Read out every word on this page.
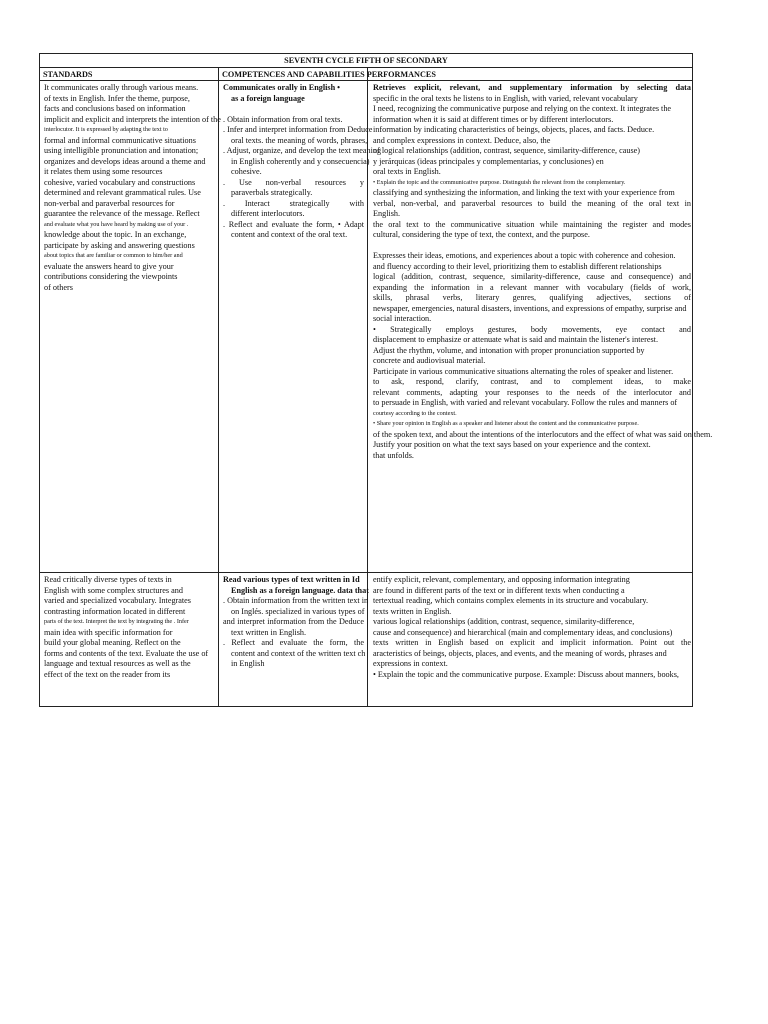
SEVENTH CYCLE FIFTH OF SECONDARY
STANDARDS	COMPETENCES AND CAPABILITIES PERFORMANCES
It communicates orally through various means.
of texts in English. Infer the theme, purpose,
facts and conclusions based on information
implicit and explicit and interprets the intention of the
interlocutor. It is expressed by adapting the text to
formal and informal communicative situations
using intelligible pronunciation and intonation;
organizes and develops ideas around a theme and
it relates them using some resources
cohesive, varied vocabulary and constructions
determined and relevant grammatical rules. Use
non-verbal and paraverbal resources for
guarantee the relevance of the message. Reflect
and evaluate what you have heard by making use of your .
knowledge about the topic. In an exchange,
participate by asking and answering questions
about topics that are familiar or common to him/her and
evaluate the answers heard to give your
contributions considering the viewpoints
of others
Communicates orally in English •
as a foreign language
. Obtain information from oral texts.
. Infer and interpret information from Deduce
oral texts. the meaning of words, phrases,
. Adjust, organize, and develop the text meaning
in English coherently and y consecuencia)
cohesive.
. Use non-verbal resources y
paraverbals strategically.
. Interact strategically with
different interlocutors.
. Reflect and evaluate the form, • Adapt
content and context of the oral text.
Retrieves explicit, relevant, and supplementary information by selecting data
specific in the oral texts he listens to in English, with varied, relevant vocabulary
I need, recognizing the communicative purpose and relying on the context. It integrates the
information when it is said at different times or by different interlocutors.
information by indicating characteristics of beings, objects, places, and facts. Deduce.
and complex expressions in context. Deduce, also, the
of logical relationships (addition, contrast, sequence, similarity-difference, cause)
y jerárquicas (ideas principales y complementarias, y conclusiones) en
oral texts in English.
• Explain the topic and the communicative purpose. Distinguish the relevant from the complementary.
classifying and synthesizing the information, and linking the text with your experience from
verbal, non-verbal, and paraverbal resources to build the meaning of the oral text in
English.
the oral text to the communicative situation while maintaining the register and modes
cultural, considering the type of text, the context, and the purpose.
Expresses their ideas, emotions, and experiences about a topic with coherence and cohesion.
and fluency according to their level, prioritizing them to establish different relationships
logical (addition, contrast, sequence, similarity-difference, cause and consequence) and
expanding the information in a relevant manner with vocabulary (fields of work,
skills, phrasal verbs, literary genres, qualifying adjectives, sections of
newspaper, emergencies, natural disasters, inventions, and expressions of empathy, surprise and
social interaction.
• Strategically employs gestures, body movements, eye contact and
displacement to emphasize or attenuate what is said and maintain the listener's interest.
Adjust the rhythm, volume, and intonation with proper pronunciation supported by
concrete and audiovisual material.
Participate in various communicative situations alternating the roles of speaker and listener.
to ask, respond, clarify, contrast, and to complement ideas, to make
relevant comments, adapting your responses to the needs of the interlocutor and
to persuade in English, with varied and relevant vocabulary. Follow the rules and manners of
courtesy according to the context.
• Share your opinion in English as a speaker and listener about the content and the communicative purpose.
of the spoken text, and about the intentions of the interlocutors and the effect of what was said on them.
Justify your position on what the text says based on your experience and the context.
that unfolds.
Read critically diverse types of texts in
English with some complex structures and
varied and specialized vocabulary. Integrates
contrasting information located in different
parts of the text. Interpret the text by integrating the . Infer
main idea with specific information for
build your global meaning. Reflect on the
forms and contents of the text. Evaluate the use of
language and textual resources as well as the
effect of the text on the reader from its
Read various types of text written in Id
English as a foreign language. data that
. Obtain information from the written text in
on Inglés. specialized in various types of
and interpret information from the Deduce
text written in English.
. Reflect and evaluate the form, the
content and context of the written text ch
in English
entify explicit, relevant, complementary, and opposing information integrating
are found in different parts of the text or in different texts when conducting a
tertextual reading, which contains complex elements in its structure and vocabulary.
texts written in English.
various logical relationships (addition, contrast, sequence, similarity-difference,
cause and consequence) and hierarchical (main and complementary ideas, and conclusions)
texts written in English based on explicit and implicit information. Point out the
aracteristics of beings, objects, places, and events, and the meaning of words, phrases and
expressions in context.
• Explain the topic and the communicative purpose. Example: Discuss about manners, books,
